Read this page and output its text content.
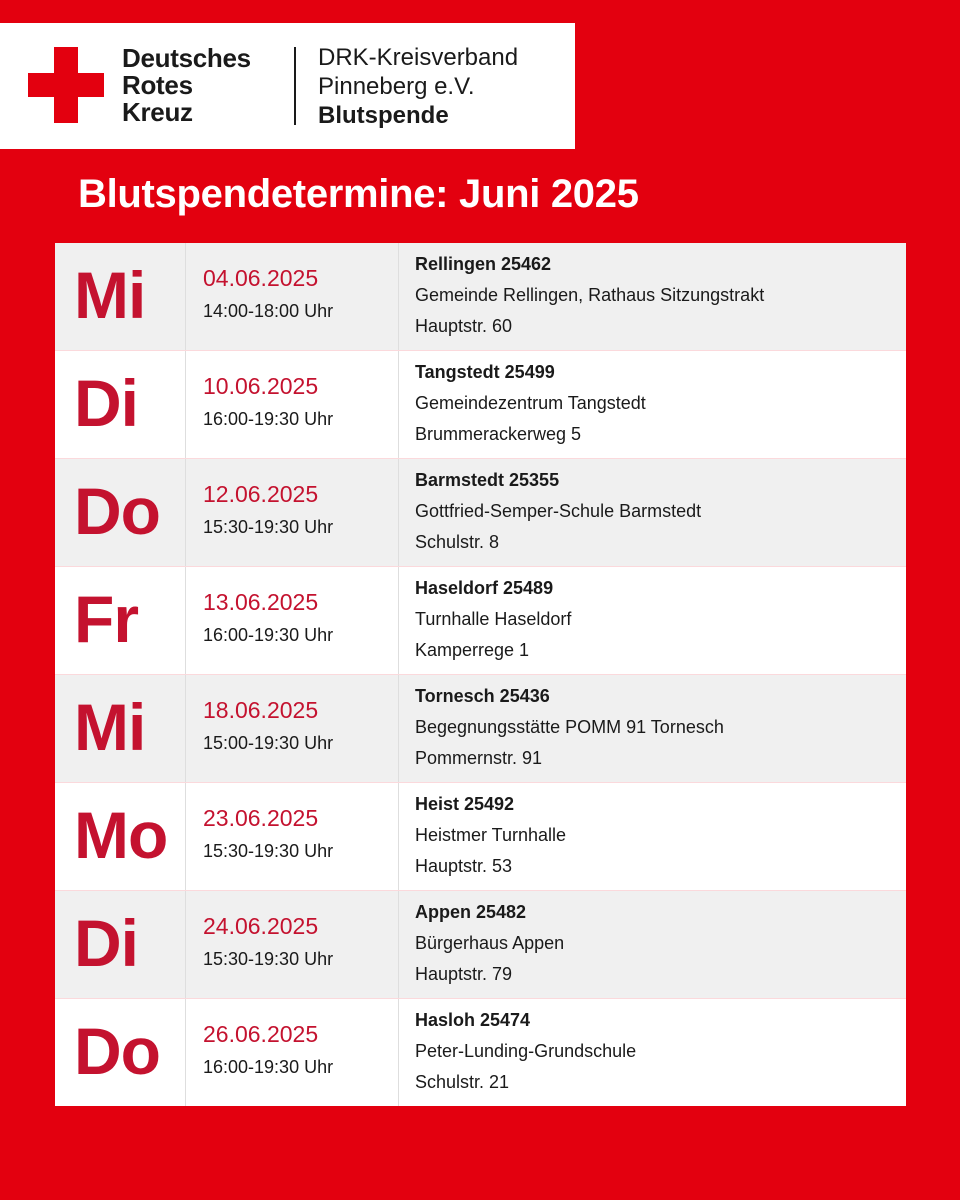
Deutsches
Rotes
Kreuz
DRK-Kreisverband
Pinneberg e.V.
Blutspende
Blutspendetermine: Juni 2025
Mi	04.06.2025
14:00-18:00 Uhr
Rellingen 25462
Gemeinde Rellingen, Rathaus Sitzungstrakt
Hauptstr. 60
Di	10.06.2025
16:00-19:30 Uhr
Tangstedt 25499
Gemeindezentrum Tangstedt
Brummerackerweg 5
Do 12.06.2025
15:30-19:30 Uhr
Barmstedt 25355
Gottfried-Semper-Schule Barmstedt
Schulstr. 8
Fr	13.06.2025
16:00-19:30 Uhr
Haseldorf 25489
Turnhalle Haseldorf
Kamperrege 1
Mi	18.06.2025
15:00-19:30 Uhr
Tornesch 25436
Begegnungsstätte POMM 91 Tornesch
Pommernstr. 91
Mo 23.06.2025
15:30-19:30 Uhr
Heist 25492
Heistmer Turnhalle
Hauptstr. 53
Di	24.06.2025
15:30-19:30 Uhr
Appen 25482
Bürgerhaus Appen
Hauptstr. 79
Do 26.06.2025
16:00-19:30 Uhr
Hasloh 25474
Peter-Lunding-Grundschule
Schulstr. 21
